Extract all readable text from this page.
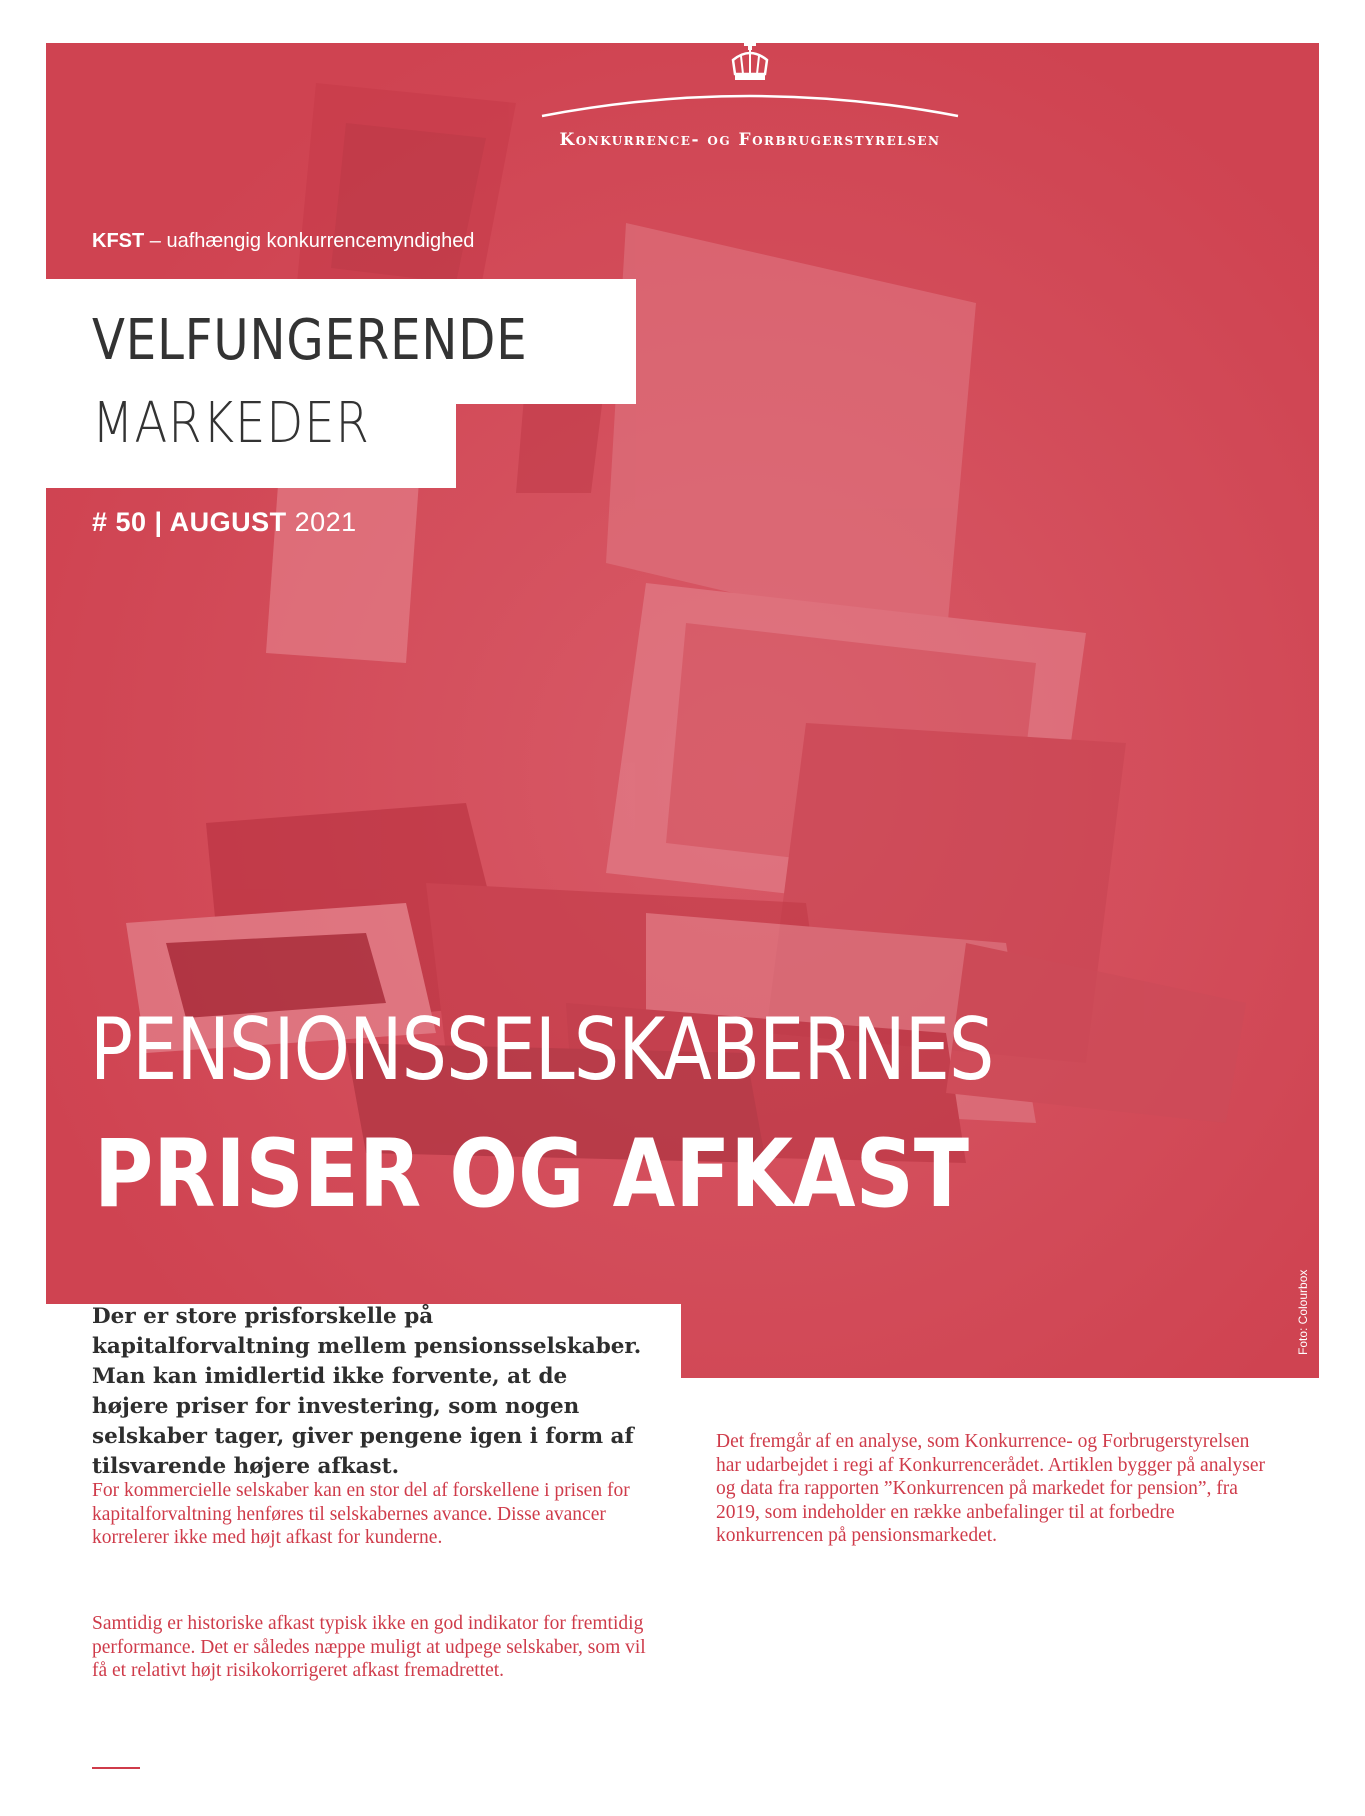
Konkurrence- og Forbrugerstyrelsen
KFST – uafhængig konkurrencemyndighed
VELFUNGERENDE
MARKEDER
# 50 | AUGUST 2021
PENSIONSSELSKABERNES
PRISER OG AFKAST
Foto: Colourbox
Der er store prisforskelle på kapitalforvaltning mellem pensionsselskaber. Man kan imidlertid ikke forvente, at de højere priser for investering, som nogen selskaber tager, giver pengene igen i form af tilsvarende højere afkast.
For kommercielle selskaber kan en stor del af forskellene i prisen for kapitalforvaltning henføres til selskabernes avance. Disse avancer korrelerer ikke med højt afkast for kunderne.
Samtidig er historiske afkast typisk ikke en god indikator for fremtidig performance. Det er således næppe muligt at udpege selskaber, som vil få et relativt højt risikokorrigeret afkast fremadrettet.
Det fremgår af en analyse, som Konkurrence- og Forbrugerstyrelsen har udarbejdet i regi af Konkurrencerådet. Artiklen bygger på analyser og data fra rapporten ”Konkurrencen på markedet for pension”, fra 2019, som indeholder en række anbefalinger til at forbedre konkurrencen på pensionsmarkedet.
